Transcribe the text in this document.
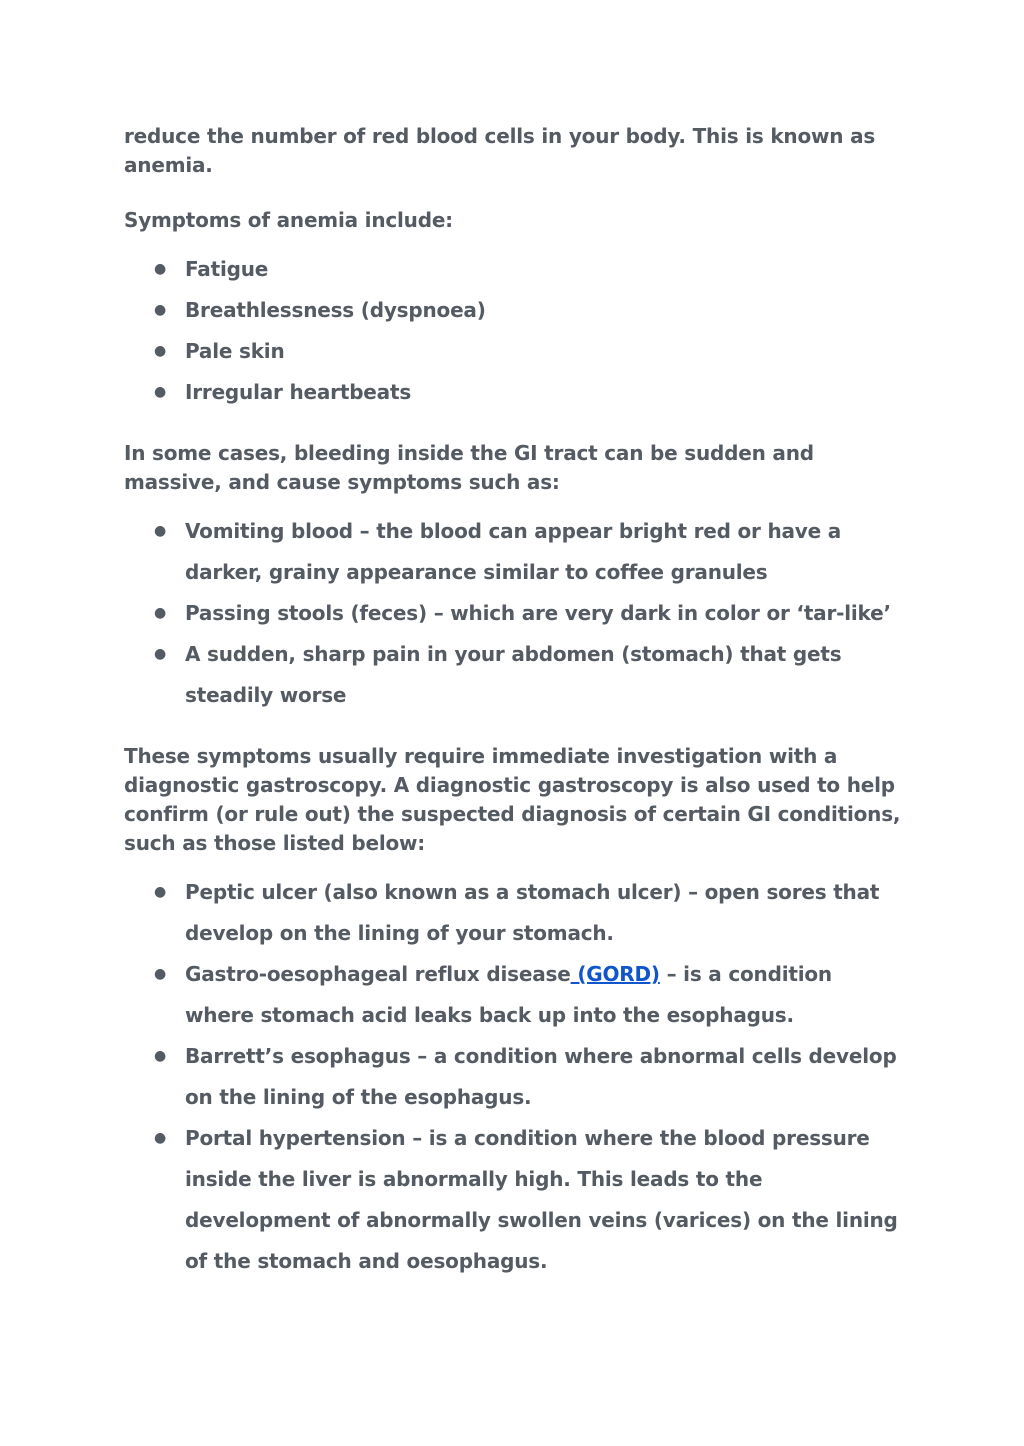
reduce the number of red blood cells in your body. This is known as anemia.

Symptoms of anemia include:

● Fatigue
● Breathlessness (dyspnoea)
● Pale skin
● Irregular heartbeats

In some cases, bleeding inside the GI tract can be sudden and massive, and cause symptoms such as:

● Vomiting blood – the blood can appear bright red or have a darker, grainy appearance similar to coffee granules
● Passing stools (feces) – which are very dark in color or ‘tar-like’
● A sudden, sharp pain in your abdomen (stomach) that gets steadily worse

These symptoms usually require immediate investigation with a diagnostic gastroscopy. A diagnostic gastroscopy is also used to help confirm (or rule out) the suspected diagnosis of certain GI conditions, such as those listed below:

● Peptic ulcer (also known as a stomach ulcer) – open sores that develop on the lining of your stomach.
● Gastro-oesophageal reflux disease (GORD) – is a condition where stomach acid leaks back up into the esophagus.
● Barrett’s esophagus – a condition where abnormal cells develop on the lining of the esophagus.
● Portal hypertension – is a condition where the blood pressure inside the liver is abnormally high. This leads to the development of abnormally swollen veins (varices) on the lining of the stomach and oesophagus.
